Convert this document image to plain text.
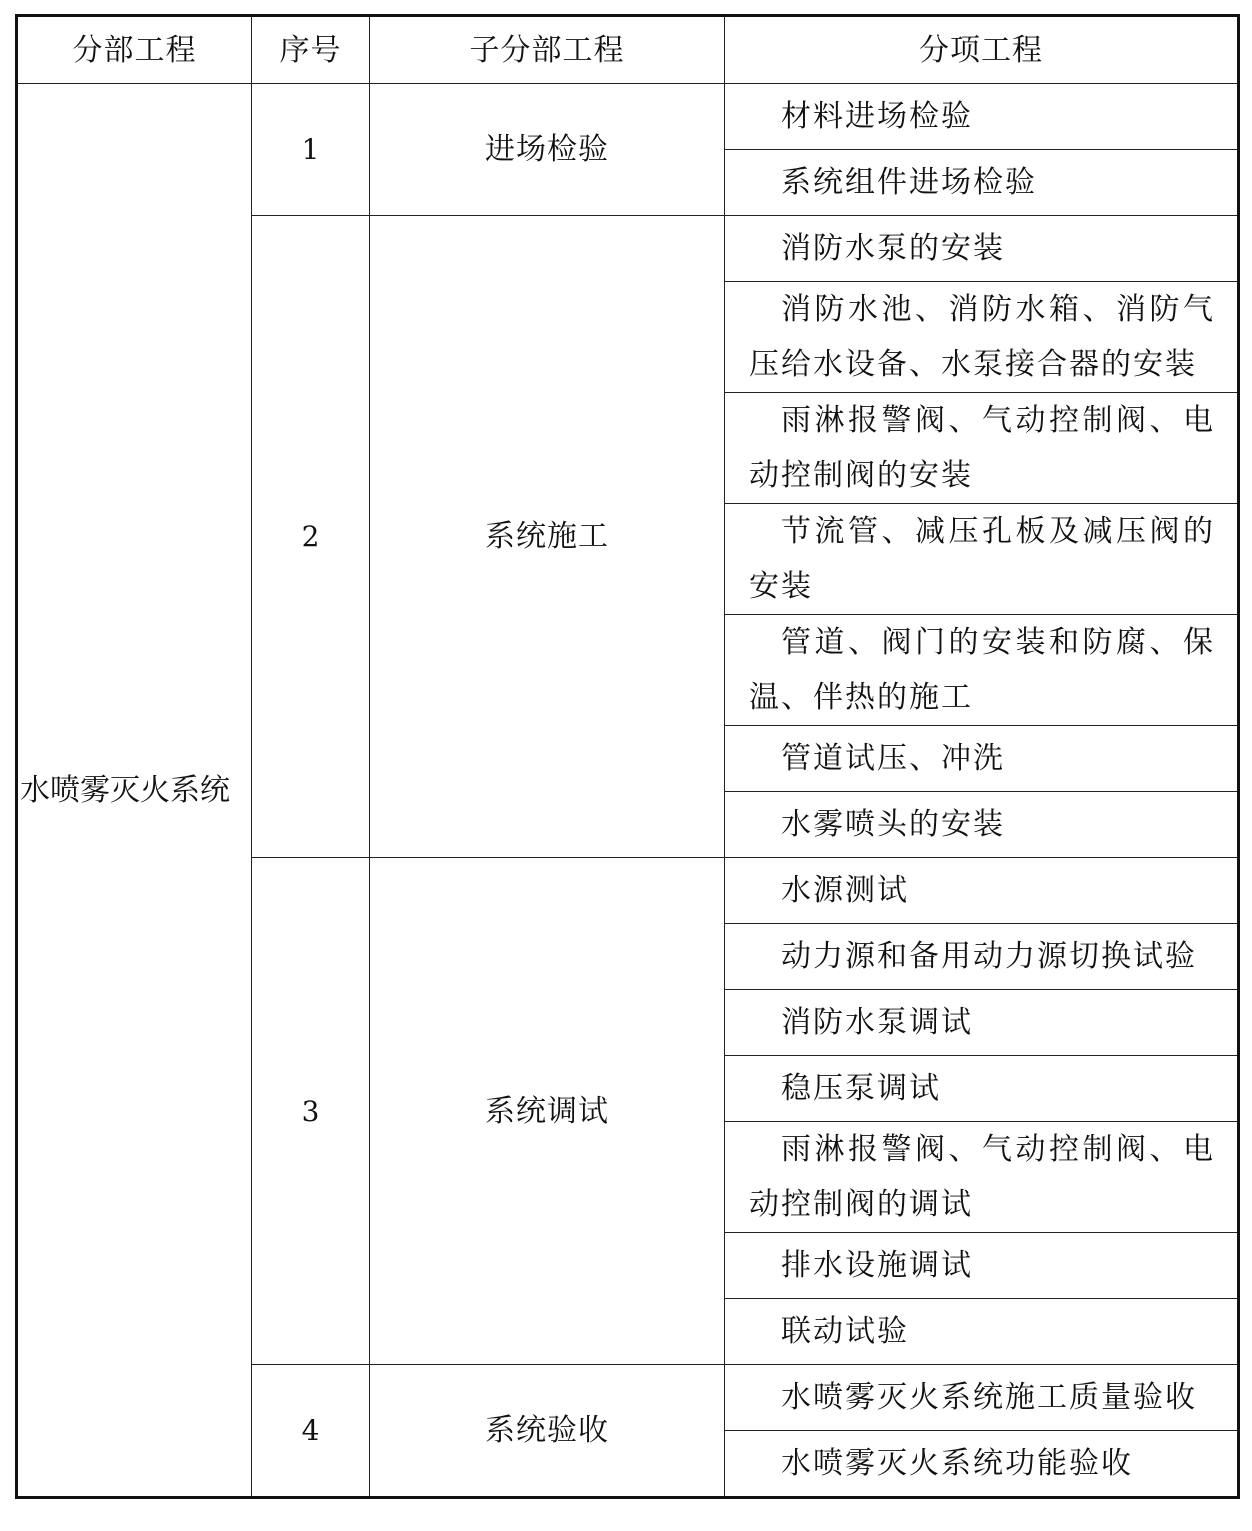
分部工程	序号	子分部工程	分项工程
水喷雾灭火系统	1	进场检验	材料进场检验
			系统组件进场检验
	2	系统施工	消防水泵的安装
			消防水池、消防水箱、消防气压给水设备、水泵接合器的安装
			雨淋报警阀、气动控制阀、电动控制阀的安装
			节流管、减压孔板及减压阀的安装
			管道、阀门的安装和防腐、保温、伴热的施工
			管道试压、冲洗
			水雾喷头的安装
	3	系统调试	水源测试
			动力源和备用动力源切换试验
			消防水泵调试
			稳压泵调试
			雨淋报警阀、气动控制阀、电动控制阀的调试
			排水设施调试
			联动试验
	4	系统验收	水喷雾灭火系统施工质量验收
			水喷雾灭火系统功能验收
